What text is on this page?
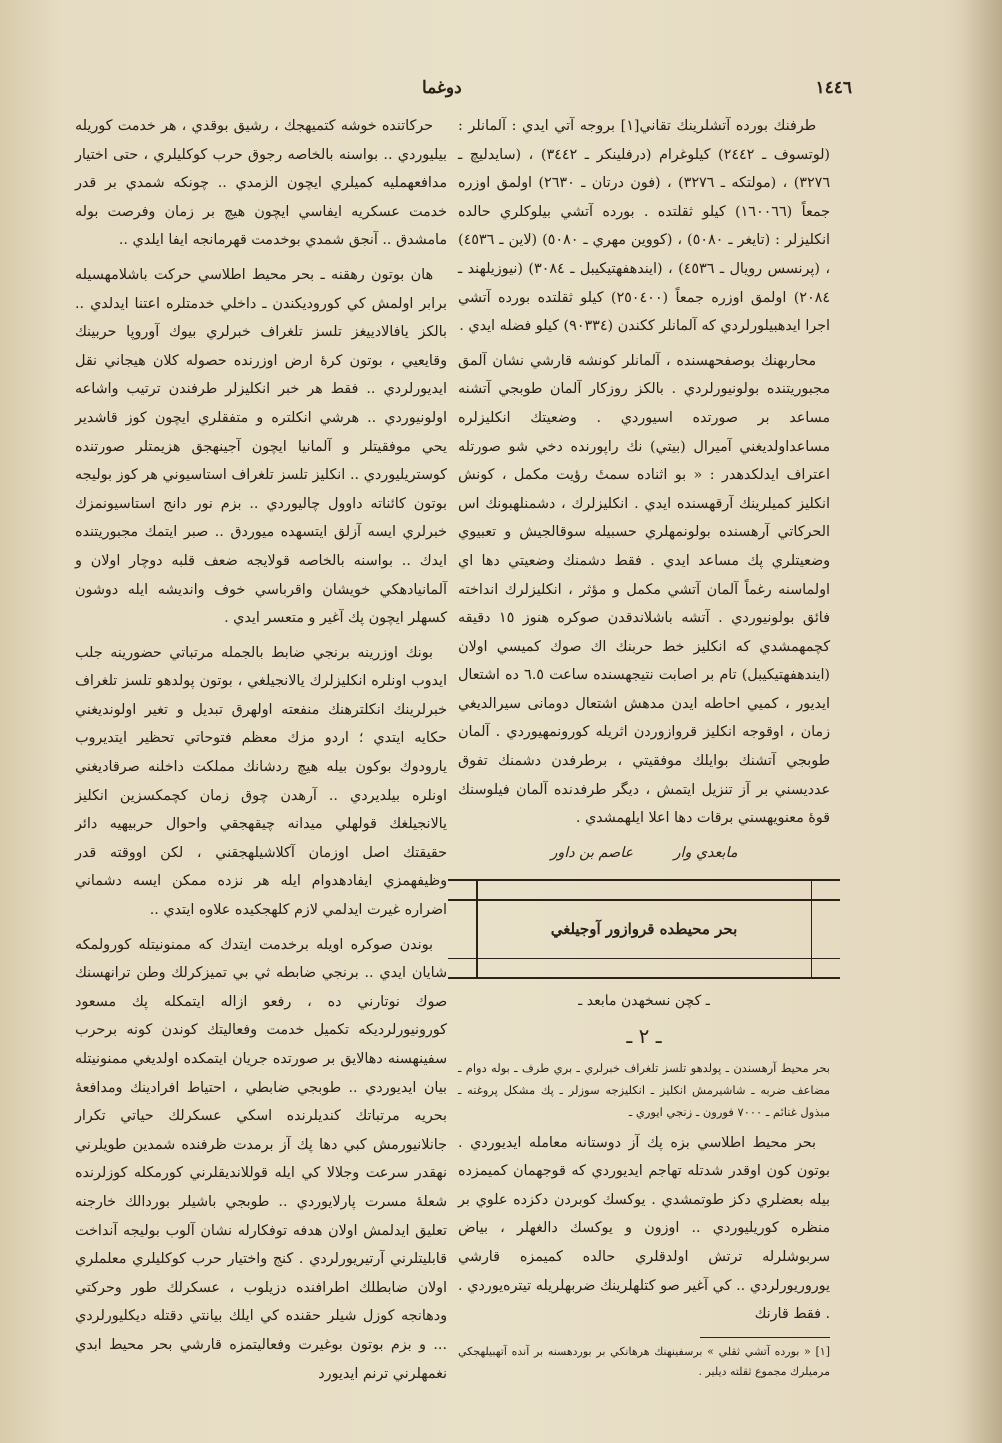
١٤٤٦
دوغما

طرفنك بورده آتشلرينك تقاني[١] بروجه آتي ايدي : آلمانلر : (لوتسوف ـ ٢٤٤٢) كيلوغرام (درفلينكر ـ ٣٤٤٢) ، (سايدليچ ـ ٣٢٧٦) ، (مولتكه ـ ٣٢٧٦) ، (فون درتان ـ ٢٦٣٠) اولمق اوزره جمعاً (١٦٠٠٦٦) كيلو ثقلتده . بورده آتشي بيلوكلري حالده انكليزلر : (تايغر ـ ٥٠٨٠) ، (كووين مهري ـ ٥٠٨٠) (لاين ـ ٤٥٣٦) ، (پرنسس رويال ـ ٤٥٣٦) ، (ايندهفهتيكيبل ـ ٣٠٨٤) (نيوزيلهند ـ ٢٠٨٤) اولمق اوزره جمعاً (٢٥٠٤٠٠) كيلو ثقلتده بورده آتشي اجرا ايدهبيلورلردي كه آلمانلر ككندن (٩٠٣٣٤) كيلو فضله ايدي .

محاربهنك بوصفحهسنده ، آلمانلر كونشه قارشي نشان آلمق مجبوريتنده بولونيورلردي . بالكز روزكار آلمان طوبجي آتشنه مساعد بر صورتده اسيوردي . وضعيتك انكليزلره مساعداولديغني آميرال (بيتي) نك راپورنده دخي شو صورتله اعتراف ايدلكدهدر : « بو اثناده سمتٔ رؤيت مكمل ، كونش انكليز كميلرينك آرقهسنده ايدي . انكليزلرك ، دشمنلهبونك اس الحركاتي آرهسنده بولونمهلري حسبيله سوقالجيش و تعبيوي وضعيتلري پك مساعد ايدي . فقط دشمنك وضعيتي دها اي اولماسنه رغماً آلمان آتشي مكمل و مؤثر ، انكليزلرك انداخته فائق بولونيوردي . آتشه باشلاندقدن صوكره هنوز ١٥ دقيقه كچمهمشدي كه انكليز خط حربنك اك صوك كميسي اولان (ايندهفهتيكيبل) تام بر اصابت نتيجهسنده ساعت ٦.٥ ده اشتعال ايديور ، كميي احاطه ايدن مدهش اشتعال دومانى سيرالديغي زمان ، اوقوجه انكليز قروازوردن اثريله كورونمهيوردي . آلمان طوبجي آتشنك بوايلك موفقيتي ، برطرفدن دشمنك تفوق عدديسني بر آز تنزيل ايتمش ، ديگر طرفدنده آلمان فيلوسنك قوهٔ معنويهسني برقات دها اعلا ايلهمشدي .

مابعدي وار عاصم بن داور
بحر محيطده قروازور آوجيلغي
ـ كچن نسخهدن مابعد ـ
ـ ٢ ـ

بحر محيط آرهسندن ـ پولدهو تلسز تلغراف خبرلري ـ بري طرف ـ بوله دوام ـ مضاعف ضربه ـ شاشيرمش انكليز ـ انكليزجه سوزلر ـ پك مشكل پروغنه ـ مبذول غنائم ـ ٧٠٠٠ فورون ـ زنجي ايوري ـ

بحر محيط اطلاسي بزه پك آز دوستانه معامله ايديوردي . بوتون كون اوقدر شدتله تهاجم ايديوردي كه قوجهمان كميمزده بيله بعضلري دكز طوتمشدي . يوكسك كوبردن دكزده علوي بر منظره كوريليوردي .. اوزون و يوكسك دالغهلر ، بياض سربوشلرله ترتش اولدقلري حالده كميمزه قارشي يوروريورلردي .. كي آغير صو كتلهلرينك ضربهلريله تيتره‌يوردي . . فقط قارنك

[١] « بورده آتشي ثقلي » برسفينهنك هرهانكي بر بوردهسنه بر آنده آتهبيلهجكي مرميلرك مجموع ثقلته ديلير .

حركاتنده خوشه كتميهجك ، رشيق بوقدي ، هر خدمت كوريله بيليوردي .. بواسنه بالخاصه رجوق حرب كوكليلري ، حتى اختيار مدافعهمليه كميلري ايچون الزمدي .. چونكه شمدي بر قدر خدمت عسكريه ايفاسي ايچون هيچ بر زمان وفرصت بوله مامشدق .. آنجق شمدي بوخدمت قهرمانجه ايفا ايلدي ..

هان بوتون رهقنه ـ بحر محيط اطلاسي حركت باشلامهسيله برابر اولمش كي كوروديكندن ـ داخلي خدمتلره اعتنا ايدلدي .. بالكز يافالادييغز تلسز تلغراف خبرلري بيوك آوروپا حربينك وقايعيي ، بوتون كرهٔ ارض اوزرنده حصوله كلان هيجاني نقل ايديورلردي .. فقط هر خبر انكليزلر طرفندن ترتيب واشاعه اولونيوردي .. هرشي انكلتره و متفقلري ايچون كوز قاشدير يحي موفقيتلر و آلمانيا ايچون آجينهجق هزيمتلر صورتنده كوستريليوردي .. انكليز تلسز تلغراف استاسيوني هر كوز بوليجه بوتون كائناته داوول چاليوردي .. بزم نور دانج استاسيونمزك خبرلري ايسه آزلق ايتسهده ميوردق .. صبر ايتمك مجبوريتنده ايدك .. بواسنه بالخاصه قولايجه ضعف قلبه دوچار اولان و آلمانيادهكي خويشان واقرباسي خوف وانديشه ايله دوشون كسهلر ايچون پك آغير و متعسر ايدي .

بونك اوزرينه برنجي ضابط بالجمله مرتباتي حضورينه جلب ايدوب اونلره انكليزلرك يالانجيلغي ، بوتون پولدهو تلسز تلغراف خبرلرينك انكلترهنك منفعته اولهرق تبديل و تغير اولونديغني حكايه ايتدي ؛ اردو مزك معظم فتوحاتي تحظير ايتديروب يارودوك بوكون بيله هيچ ردشانك مملكت داخلنه صرقاديغني اونلره بيلديردي .. آرهدن چوق زمان كچمكسزين انكليز يالانجيلغك قولهلي ميدانه چيقهجقي واحوال حربيهيه دائر حقيقتك اصل اوزمان آكلاشيلهجقني ، لكن اووقته قدر وظيفهمزي ايفادهدوام ايله هر نزده ممكن ايسه دشماني اضراره غيرت ايدلمي لازم كلهجكيده علاوه ايتدي ..

بوندن صوكره اويله برخدمت ايتدك كه ممنونيتله كورولمكه شايان ايدي .. برنجي ضابطه ثي بي تميزكرلك وطن ترانهسنك صوك نوتارني ده ، رفعو ازاله ايتمكله پك مسعود كورونيورلرديكه تكميل خدمت وفعاليتك كوندن كونه برحرب سفينهسنه دهالايق بر صورتده جريان ايتمكده اولديغي ممنونيتله بيان ايديوردي .. طوبجي ضابطي ، احتياط افرادينك ومدافعهٔ بحريه مرتباتك كنديلرنده اسكي عسكرلك حياتي تكرار جانلانيورمش كبي دها پك آز برمدت ظرفنده شمدين طويلرني نهقدر سرعت وجلالا كي ايله قوللانديقلرني كورمكله كوزلرنده شعلهٔ مسرت پارلايوردي .. طوبجي باشيلر بوردالك خارجنه تعليق ايدلمش اولان هدفه توفكارله نشان آلوب بوليجه آنداخت قابليتلرني آرتيريورلردي . كنج واختيار حرب كوكليلري معلملري اولان ضابطلك اطرافنده دزيلوب ، عسكرلك طور وحركتي ودهانجه كوزل شيلر حقنده كي ايلك بيانتي دقتله ديكليورلردي ... و بزم بوتون بوغيرت وفعاليتمزه قارشي بحر محيط ابدي نغمهلرني ترنم ايديورد
